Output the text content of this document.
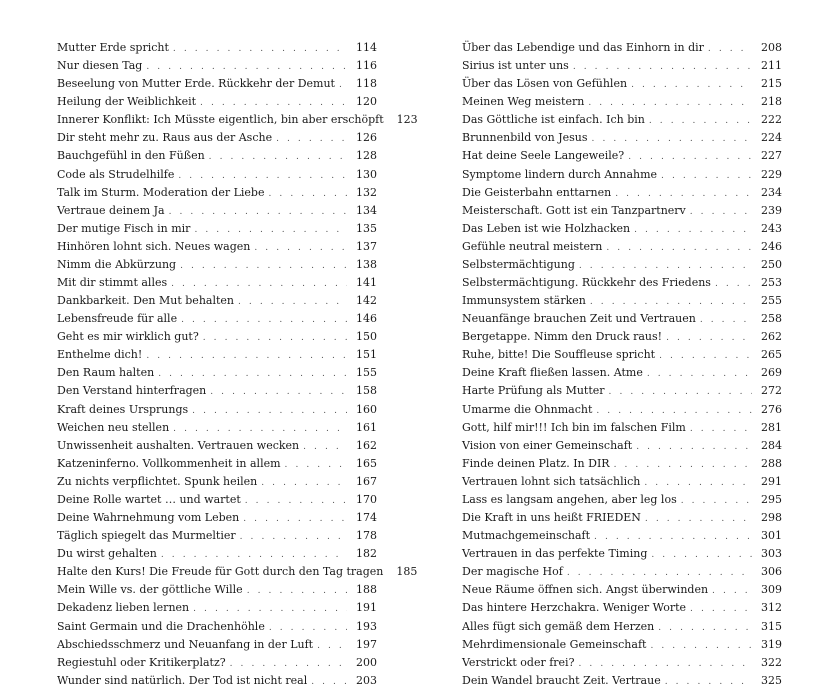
Mutter Erde spricht . . .	114
Nur diesen Tag . . .	116
Beseelung von Mutter Erde. Rückkehr der Demut . . .	118
Heilung der Weiblichkeit . . .	120
Innerer Konflikt: Ich Müsste eigentlich, bin aber erschöpft	123
Dir steht mehr zu. Raus aus der Asche . . .	126
Bauchgefühl in den Füßen . . .	128
Code als Strudelhilfe . . .	130
Talk im Sturm. Moderation der Liebe . . .	132
Vertraue deinem Ja . . .	134
Der mutige Fisch in mir . . .	135
Hinhören lohnt sich. Neues wagen . . .	137
Nimm die Abkürzung . . .	138
Mit dir stimmt alles . . .	141
Dankbarkeit. Den Mut behalten . . .	142
Lebensfreude für alle . . .	146
Geht es mir wirklich gut? . . .	150
Enthelme dich! . . .	151
Den Raum halten . . .	155
Den Verstand hinterfragen . . .	158
Kraft deines Ursprungs . . .	160
Weichen neu stellen . . .	161
Unwissenheit aushalten. Vertrauen wecken . . .	162
Katzeninferno. Vollkommenheit in allem . . .	165
Zu nichts verpflichtet. Spunk heilen . . .	167
Deine Rolle wartet … und wartet . . .	170
Deine Wahrnehmung vom Leben . . .	174
Täglich spiegelt das Murmeltier . . .	178
Du wirst gehalten . . .	182
Halte den Kurs! Die Freude für Gott durch den Tag tragen	185
Mein Wille vs. der göttliche Wille . . .	188
Dekadenz lieben lernen . . .	191
Saint Germain und die Drachenhöhle . . .	193
Abschiedsschmerz und Neuanfang in der Luft . . .	197
Regiestuhl oder Kritikerplatz? . . .	200
Wunder sind natürlich. Der Tod ist nicht real . . .	203
Über das Lebendige und das Einhorn in dir . . .	208
Sirius ist unter uns . . .	211
Über das Lösen von Gefühlen . . .	215
Meinen Weg meistern . . .	218
Das Göttliche ist einfach. Ich bin . . .	222
Brunnenbild von Jesus . . .	224
Hat deine Seele Langeweile? . . .	227
Symptome lindern durch Annahme . . .	229
Die Geisterbahn enttarnen . . .	234
Meisterschaft. Gott ist ein Tanzpartnerv . . .	239
Das Leben ist wie Holzhacken . . .	243
Gefühle neutral meistern . . .	246
Selbstermächtigung . . .	250
Selbstermächtigung. Rückkehr des Friedens . . .	253
Immunsystem stärken . . .	255
Neuanfänge brauchen Zeit und Vertrauen . . .	258
Bergetappe. Nimm den Druck raus! . . .	262
Ruhe, bitte! Die Souffleuse spricht . . .	265
Deine Kraft fließen lassen. Atme . . .	269
Harte Prüfung als Mutter . . .	272
Umarme die Ohnmacht . . .	276
Gott, hilf mir!!! Ich bin im falschen Film . . .	281
Vision von einer Gemeinschaft . . .	284
Finde deinen Platz. In DIR . . .	288
Vertrauen lohnt sich tatsächlich . . .	291
Lass es langsam angehen, aber leg los . . .	295
Die Kraft in uns heißt FRIEDEN . . .	298
Mutmachgemeinschaft . . .	301
Vertrauen in das perfekte Timing . . .	303
Der magische Hof . . .	306
Neue Räume öffnen sich. Angst überwinden . . .	309
Das hintere Herzchakra. Weniger Worte . . .	312
Alles fügt sich gemäß dem Herzen . . .	315
Mehrdimensionale Gemeinschaft . . .	319
Verstrickt oder frei? . . .	322
Dein Wandel braucht Zeit. Vertraue . . .	325
